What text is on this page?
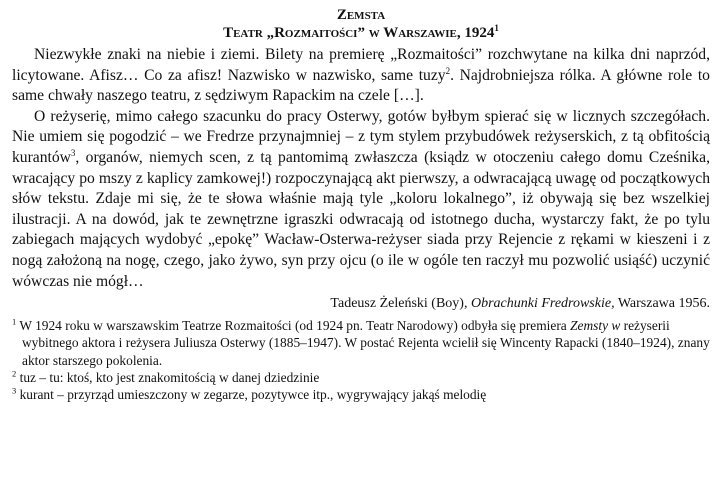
Zemsta
Teatr „Rozmaitości” w Warszawie, 1924$^1$

Niezwykłe znaki na niebie i ziemi. Bilety na premierę „Rozmaitości” rozchwytane na kilka dni naprzód, licytowane. Afisz… Co za afisz! Nazwisko w nazwisko, same tuzy$^2$. Najdrobniejsza rólka. A główne role to same chwały naszego teatru, z sędziwym Rapackim na czele […].

O reżyserię, mimo całego szacunku do pracy Osterwy, gotów byłbym spierać się w licznych szczegółach. Nie umiem się pogodzić – we Fredrze przynajmniej – z tym stylem przybudówek reżyserskich, z tą obfitością kurantów$^3$, organów, niemych scen, z tą pantomimą zwłaszcza (ksiądz w otoczeniu całego domu Cześnika, wracający po mszy z kaplicy zamkowej!) rozpoczynającą akt pierwszy, a odwracającą uwagę od początkowych słów tekstu. Zdaje mi się, że te słowa właśnie mają tyle „koloru lokalnego”, iż obywają się bez wszelkiej ilustracji. A na dowód, jak te zewnętrzne igraszki odwracają od istotnego ducha, wystarczy fakt, że po tylu zabiegach mających wydobyć „epokę” Wacław-Osterwa-reżyser siada przy Rejencie z rękami w kieszeni i z nogą założoną na nogę, czego, jako żywo, syn przy ojcu (o ile w ogóle ten raczył mu pozwolić usiąść) uczynić wówczas nie mógł…

Tadeusz Żeleński (Boy), Obrachunki Fredrowskie, Warszawa 1956.

$^1$ W 1924 roku w warszawskim Teatrze Rozmaitości (od 1924 pn. Teatr Narodowy) odbyła się premiera Zemsty w reżyserii wybitnego aktora i reżysera Juliusza Osterwy (1885–1947). W postać Rejenta wcielił się Wincenty Rapacki (1840–1924), znany aktor starszego pokolenia.

$^2$ tuz – tu: ktoś, kto jest znakomitością w danej dziedzinie

$^3$ kurant – przyrząd umieszczony w zegarze, pozytywce itp., wygrywający jakąś melodię
